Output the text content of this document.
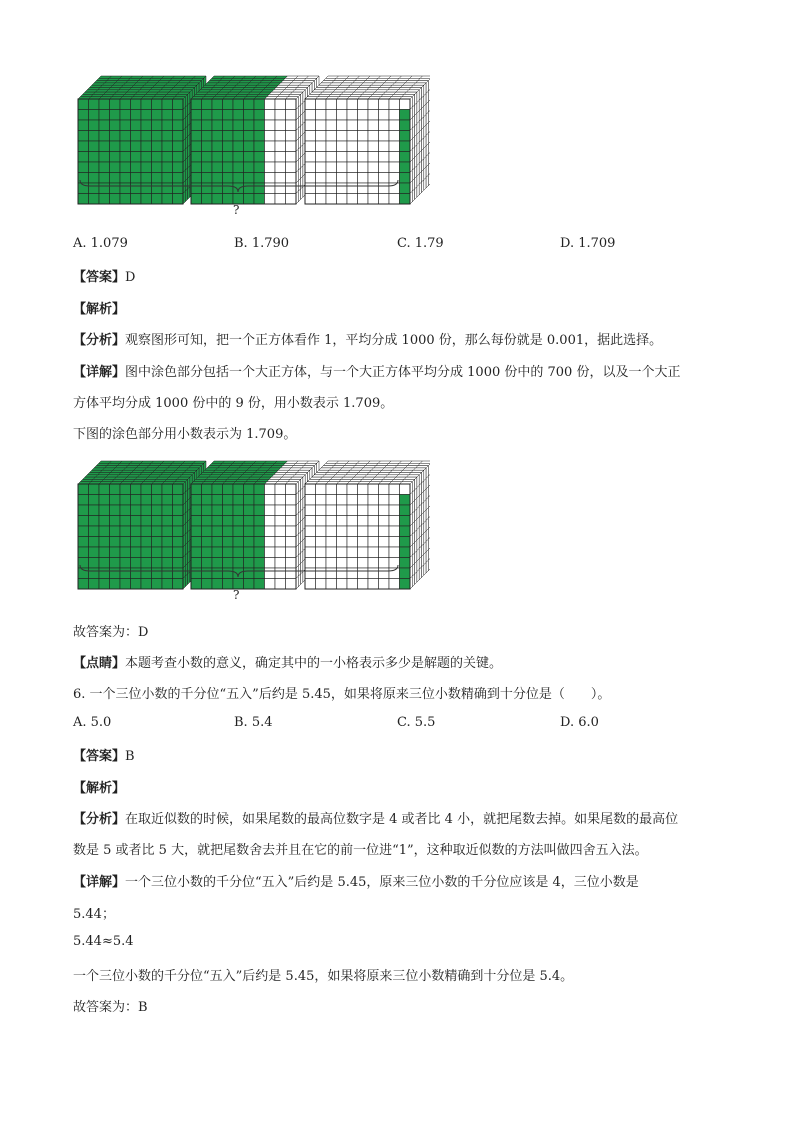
?
A. 1.079	B. 1.790	C. 1.79	D. 1.709
【答案】D
【解析】
【分析】观察图形可知，把一个正方体看作 1，平均分成 1000 份，那么每份就是 0.001，据此选择。
【详解】图中涂色部分包括一个大正方体，与一个大正方体平均分成 1000 份中的 700 份，以及一个大正
方体平均分成 1000 份中的 9 份，用小数表示 1.709。
下图的涂色部分用小数表示为 1.709。
?
故答案为：D
【点睛】本题考查小数的意义，确定其中的一小格表示多少是解题的关键。
6. 一个三位小数的千分位“五入”后约是 5.45，如果将原来三位小数精确到十分位是（　　）。
A. 5.0	B. 5.4	C. 5.5	D. 6.0
【答案】B
【解析】
【分析】在取近似数的时候，如果尾数的最高位数字是 4 或者比 4 小，就把尾数去掉。如果尾数的最高位
数是 5 或者比 5 大，就把尾数舍去并且在它的前一位进“1”，这种取近似数的方法叫做四舍五入法。
【详解】一个三位小数的千分位“五入”后约是 5.45，原来三位小数的千分位应该是 4，三位小数是
5.44；
5.44≈5.4
一个三位小数的千分位“五入”后约是 5.45，如果将原来三位小数精确到十分位是 5.4。
故答案为：B
